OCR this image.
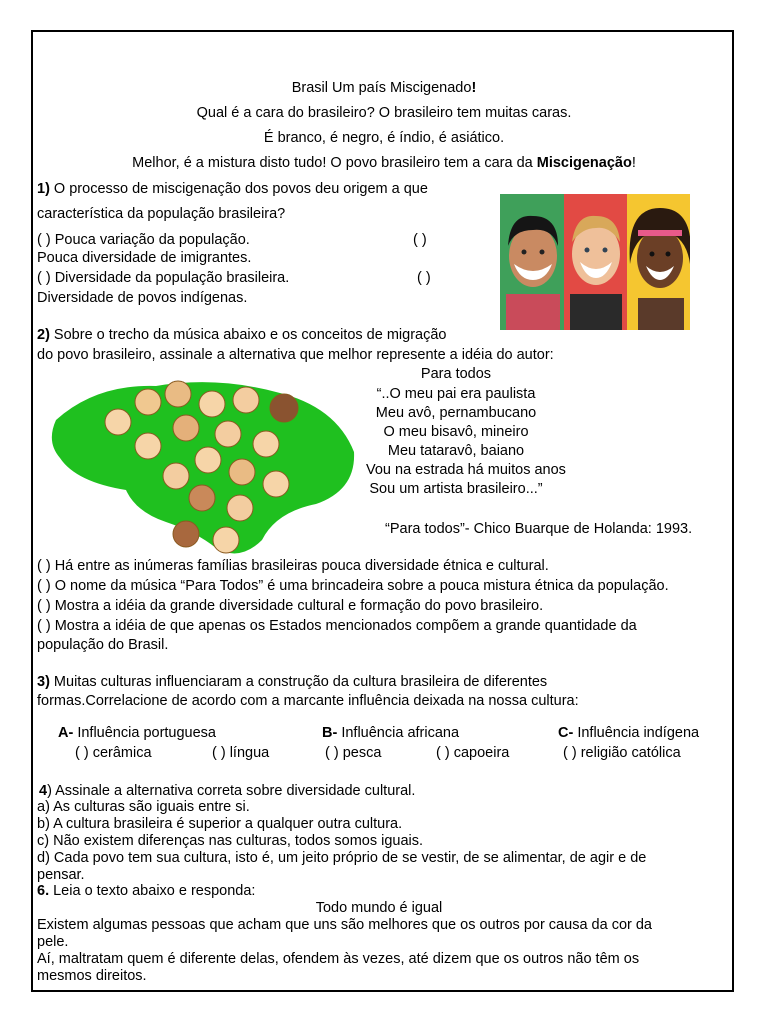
Brasil Um país Miscigenado!
Qual é a cara do brasileiro? O brasileiro tem muitas caras.
É branco, é negro, é índio, é asiático.
Melhor, é a mistura disto tudo! O povo brasileiro tem a cara da Miscigenação!
1) O processo de miscigenação dos povos deu origem a que
característica da população brasileira?
( ) Pouca variação da população.	( )
Pouca diversidade de imigrantes.
( ) Diversidade da população brasileira.	( )
Diversidade de povos indígenas.
2) Sobre o trecho da música abaixo e os conceitos de migração
do povo brasileiro, assinale a alternativa que melhor represente a idéia do autor:
Para todos
“..O meu pai era paulista
Meu avô, pernambucano
O meu bisavô, mineiro
Meu tataravô, baiano
Vou na estrada há muitos anos
Sou um artista brasileiro...”
“Para todos”- Chico Buarque de Holanda: 1993.
( ) Há entre as inúmeras famílias brasileiras pouca diversidade étnica e cultural.
( ) O nome da música “Para Todos” é uma brincadeira sobre a pouca mistura étnica da população.
( ) Mostra a idéia da grande diversidade cultural e formação do povo brasileiro.
( ) Mostra a idéia de que apenas os Estados mencionados compõem a grande quantidade da
população do Brasil.
3) Muitas culturas influenciaram a construção da cultura brasileira de diferentes
formas.Correlacione de acordo com a marcante influência deixada na nossa cultura:
A- Influência portuguesa	B- Influência africana	C- Influência indígena
( ) cerâmica	( ) língua	( ) pesca	( ) capoeira	( ) religião católica
4) Assinale a alternativa correta sobre diversidade cultural.
a) As culturas são iguais entre si.
b) A cultura brasileira é superior a qualquer outra cultura.
c) Não existem diferenças nas culturas, todos somos iguais.
d) Cada povo tem sua cultura, isto é, um jeito próprio de se vestir, de se alimentar, de agir e de
pensar.
6. Leia o texto abaixo e responda:
Todo mundo é igual
Existem algumas pessoas que acham que uns são melhores que os outros por causa da cor da
pele.
Aí, maltratam quem é diferente delas, ofendem às vezes, até dizem que os outros não têm os
mesmos direitos.
